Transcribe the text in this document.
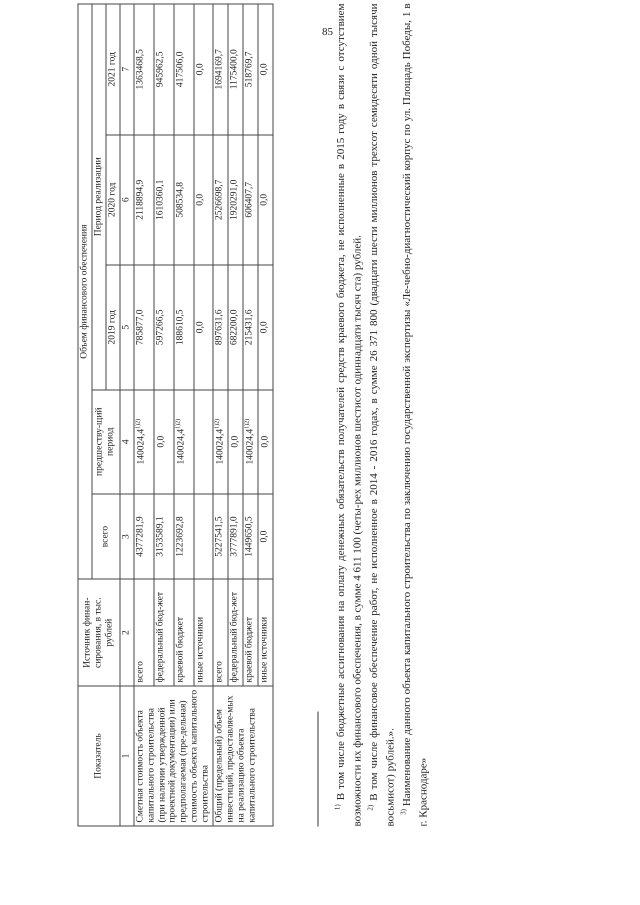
85
Показатель	Источник финан-сирования, в тыс. рублей	Объем финансового обеспечения				
		всего	предшеству-щий период	Период реализации		
				2019 год	2020 год	2021 год
1	2	3	4	5	6	7
Сметная стоимость объекта капитального строительства (при наличии утвержденной проектной документации) или предполагаемая (пре-дельная) стоимость объекта капитального строительства	всего	4377281,9	$140024,4^{1)2)}$	785877,0	2118894,9	1363468,5
	федеральный бюд-жет	3153589,1	0,0	597266,5	1610360,1	945962,5
	краевой бюджет	1223692,8	$140024,4^{1)2)}$	188610,5	508534,8	417506,0
	иные источники			0,0	0,0	0,0
Общий (предельный) объем инвестиций, предоставляе-мых на реализацию объекта капитального строительства	всего	5227541,5	$140024,4^{1)2)}$	897631,6	2526698,7	1694169,7
	федеральный бюд-жет	3777891,0	0,0	682200,0	1920291,0	1175400,0
	краевой бюджет	1449650,5	$140024,4^{1)2)}$	215431,6	606407,7	518769,7
	иные источники	0,0	0,0	0,0	0,0	0,0

$^{1)}$ В том числе бюджетные ассигнования на оплату денежных обязательств получателей средств краевого бюджета, не исполненные в 2015 году в связи с отсутствием возможности их финансового обеспечения, в сумме 4 611 100 (четы-рех миллионов шестисот одиннадцати тысяч ста) рублей. $^{2)}$ В том числе финансовое обеспечение работ, не исполненное в 2014 - 2016 годах, в сумме 26 371 800 (двадцати шести миллионов трехсот семидесяти одной тысячи восьмисот) рублей.». $^{3)}$ Наименование данного объекта капитального строительства по заключению государственной экспертизы «Ле-чебно-диагностический корпус по ул. Площадь Победы, 1 в г. Краснодаре»
